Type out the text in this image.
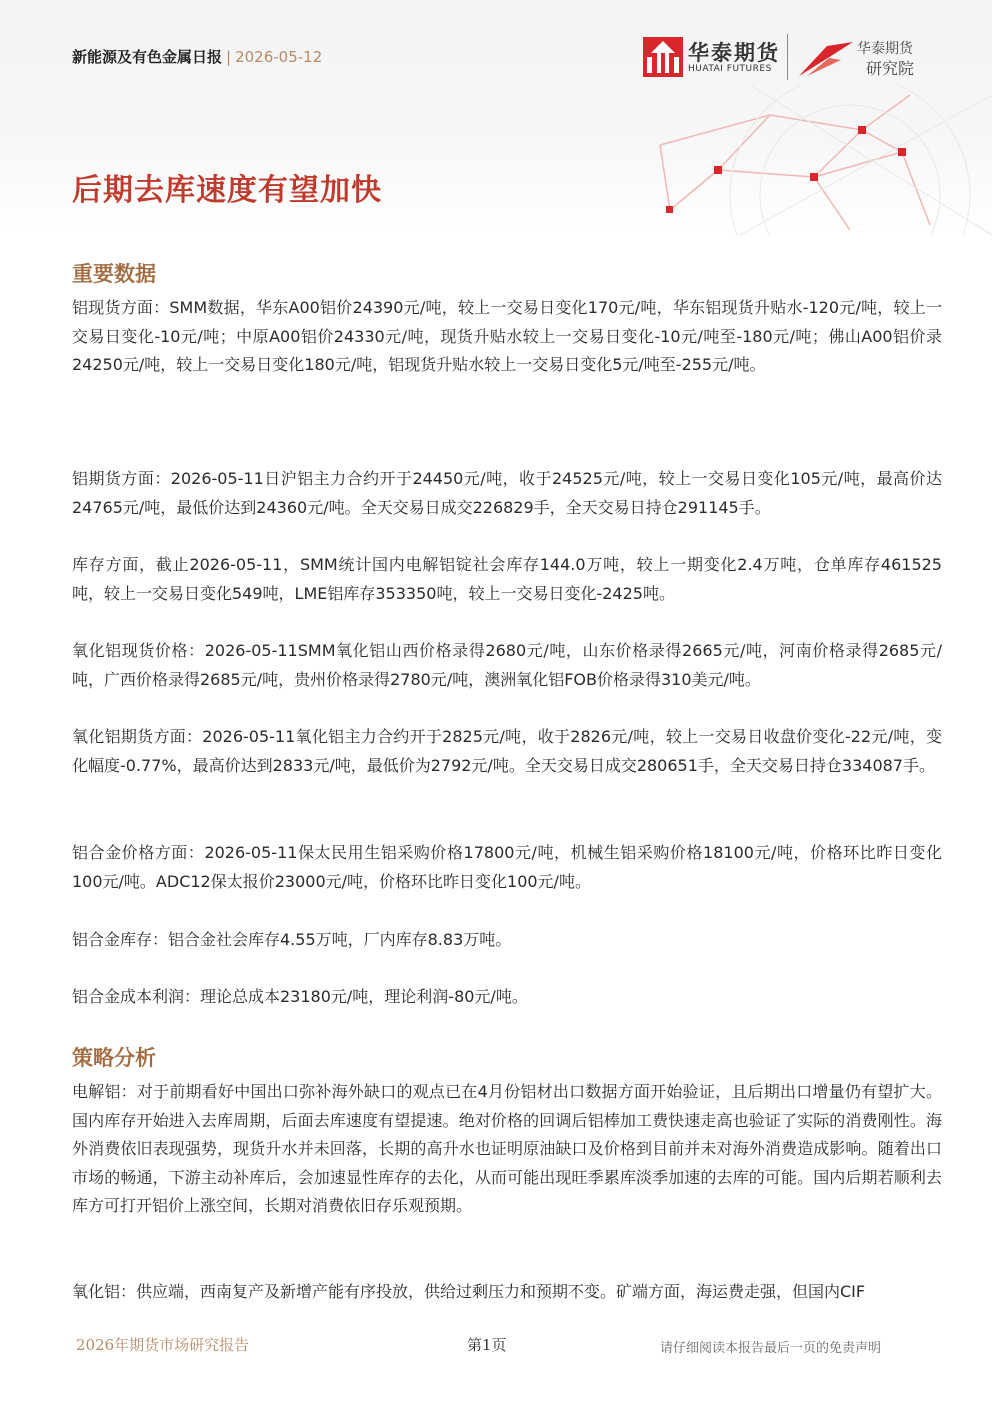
新能源及有色金属日报 | 2026-05-12	华泰期货
HUATAI FUTURES
华泰期货
研究院
后期去库速度有望加快
重要数据

铝现货方面：SMM数据，华东A00铝价24390元/吨，较上一交易日变化170元/吨，华东铝现货升贴水-120元/吨，较上一交易日变化-10元/吨；中原A00铝价24330元/吨，现货升贴水较上一交易日变化-10元/吨至-180元/吨；佛山A00铝价录24250元/吨，较上一交易日变化180元/吨，铝现货升贴水较上一交易日变化5元/吨至-255元/吨。

铝期货方面：2026-05-11日沪铝主力合约开于24450元/吨，收于24525元/吨，较上一交易日变化105元/吨，最高价达24765元/吨，最低价达到24360元/吨。全天交易日成交226829手，全天交易日持仓291145手。

库存方面，截止2026-05-11，SMM统计国内电解铝锭社会库存144.0万吨，较上一期变化2.4万吨，仓单库存461525吨，较上一交易日变化549吨，LME铝库存353350吨，较上一交易日变化-2425吨。

氧化铝现货价格：2026-05-11SMM氧化铝山西价格录得2680元/吨，山东价格录得2665元/吨，河南价格录得2685元/吨，广西价格录得2685元/吨，贵州价格录得2780元/吨，澳洲氧化铝FOB价格录得310美元/吨。

氧化铝期货方面：2026-05-11氧化铝主力合约开于2825元/吨，收于2826元/吨，较上一交易日收盘价变化-22元/吨，变化幅度-0.77%，最高价达到2833元/吨，最低价为2792元/吨。全天交易日成交280651手，全天交易日持仓334087手。

铝合金价格方面：2026-05-11保太民用生铝采购价格17800元/吨，机械生铝采购价格18100元/吨，价格环比昨日变化100元/吨。ADC12保太报价23000元/吨，价格环比昨日变化100元/吨。

铝合金库存：铝合金社会库存4.55万吨，厂内库存8.83万吨。

铝合金成本利润：理论总成本23180元/吨，理论利润-80元/吨。

策略分析

电解铝：对于前期看好中国出口弥补海外缺口的观点已在4月份铝材出口数据方面开始验证，且后期出口增量仍有望扩大。国内库存开始进入去库周期，后面去库速度有望提速。绝对价格的回调后铝棒加工费快速走高也验证了实际的消费刚性。海外消费依旧表现强势，现货升水并未回落，长期的高升水也证明原油缺口及价格到目前并未对海外消费造成影响。随着出口市场的畅通，下游主动补库后，会加速显性库存的去化，从而可能出现旺季累库淡季加速的去库的可能。国内后期若顺利去库方可打开铝价上涨空间，长期对消费依旧存乐观预期。

氧化铝：供应端，西南复产及新增产能有序投放，供给过剩压力和预期不变。矿端方面，海运费走强，但国内CIF

2026年期货市场研究报告	第1页	请仔细阅读本报告最后一页的免责声明
